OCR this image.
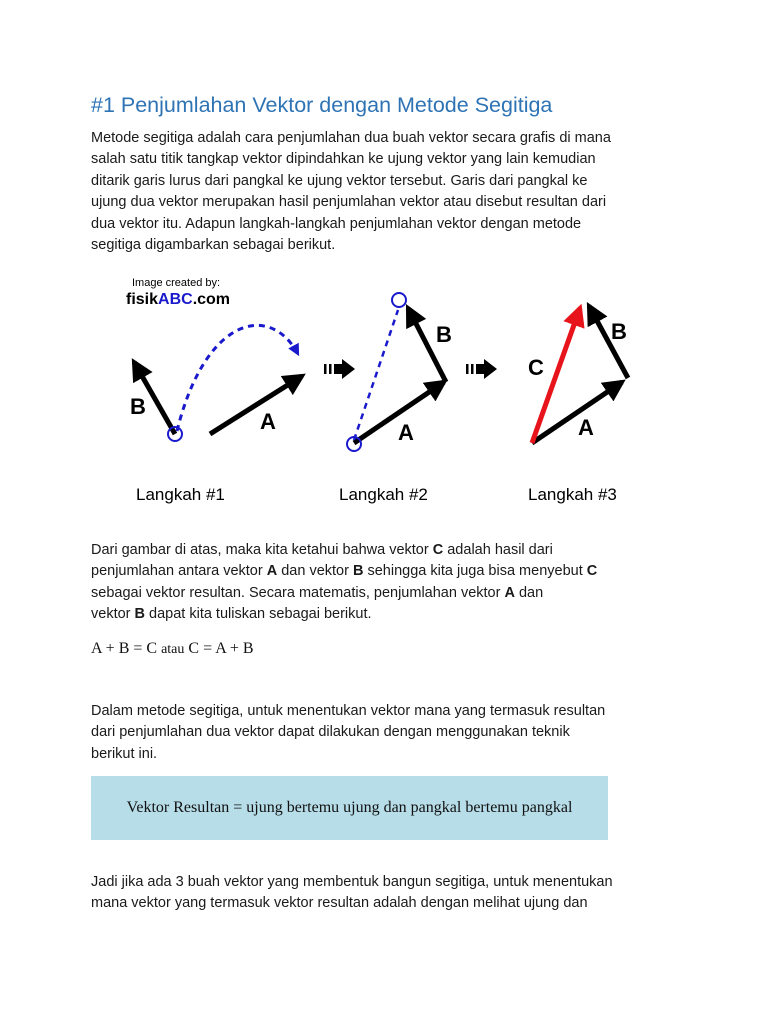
#1 Penjumlahan Vektor dengan Metode Segitiga

Metode segitiga adalah cara penjumlahan dua buah vektor secara grafis di mana
salah satu titik tangkap vektor dipindahkan ke ujung vektor yang lain kemudian
ditarik garis lurus dari pangkal ke ujung vektor tersebut. Garis dari pangkal ke
ujung dua vektor merupakan hasil penjumlahan vektor atau disebut resultan dari
dua vektor itu. Adapun langkah-langkah penjumlahan vektor dengan metode
segitiga digambarkan sebagai berikut.

Image created by:
fisikABC.com
B
A
B
A
B
C
A
Langkah #1	Langkah #2	Langkah #3

Dari gambar di atas, maka kita ketahui bahwa vektor C adalah hasil dari
penjumlahan antara vektor A dan vektor B sehingga kita juga bisa menyebut C
sebagai vektor resultan. Secara matematis, penjumlahan vektor A dan
vektor B dapat kita tuliskan sebagai berikut.

A + B = C atau C = A + B

Dalam metode segitiga, untuk menentukan vektor mana yang termasuk resultan
dari penjumlahan dua vektor dapat dilakukan dengan menggunakan teknik
berikut ini.

Vektor Resultan = ujung bertemu ujung dan pangkal bertemu pangkal

Jadi jika ada 3 buah vektor yang membentuk bangun segitiga, untuk menentukan
mana vektor yang termasuk vektor resultan adalah dengan melihat ujung dan
